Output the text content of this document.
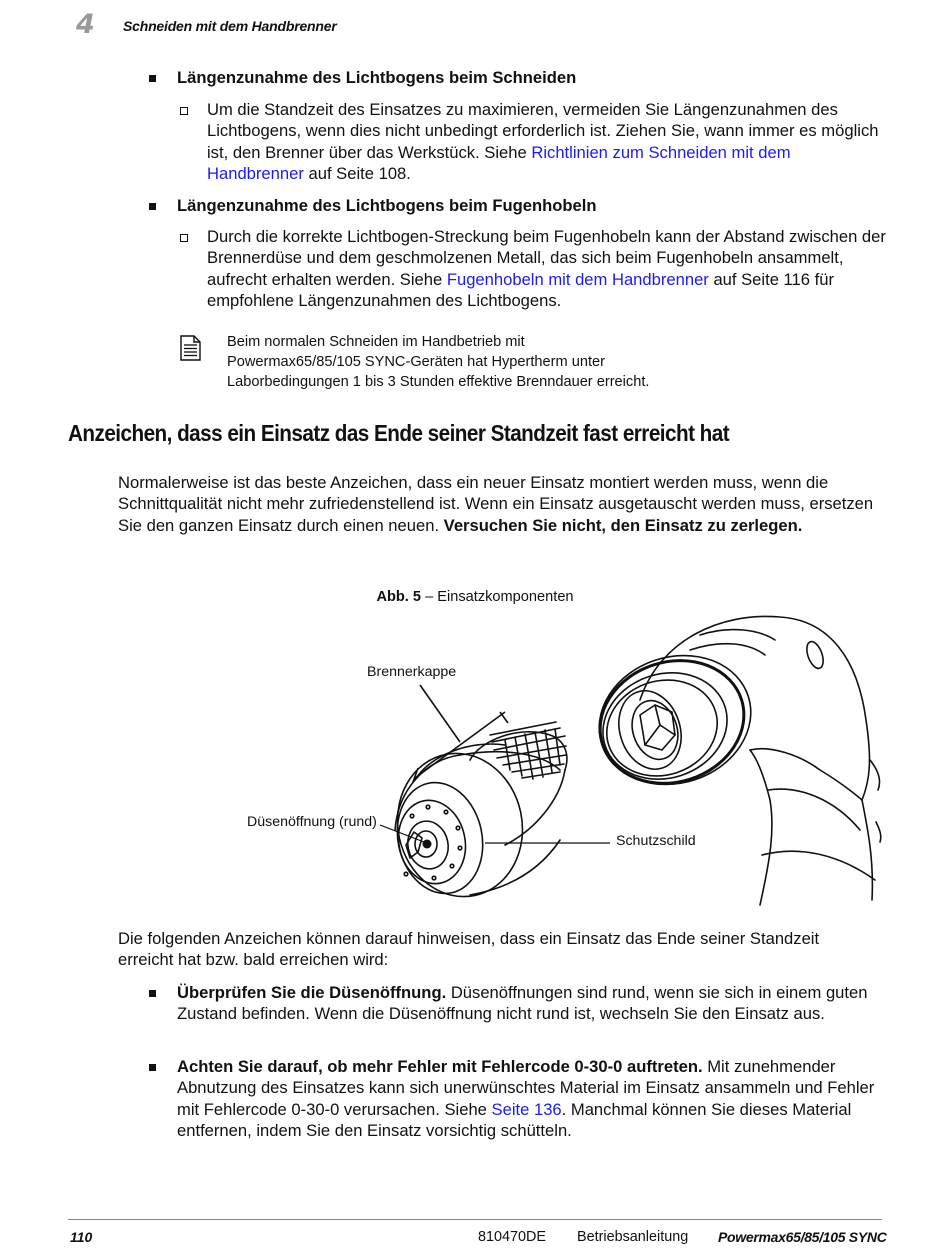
4 Schneiden mit dem Handbrenner
Längenzunahme des Lichtbogens beim Schneiden
Um die Standzeit des Einsatzes zu maximieren, vermeiden Sie Längenzunahmen des Lichtbogens, wenn dies nicht unbedingt erforderlich ist. Ziehen Sie, wann immer es möglich ist, den Brenner über das Werkstück. Siehe Richtlinien zum Schneiden mit dem Handbrenner auf Seite 108.
Längenzunahme des Lichtbogens beim Fugenhobeln
Durch die korrekte Lichtbogen-Streckung beim Fugenhobeln kann der Abstand zwischen der Brennerdüse und dem geschmolzenen Metall, das sich beim Fugenhobeln ansammelt, aufrecht erhalten werden. Siehe Fugenhobeln mit dem Handbrenner auf Seite 116 für empfohlene Längenzunahmen des Lichtbogens.
Beim normalen Schneiden im Handbetrieb mit
Powermax65/85/105 SYNC-Geräten hat Hypertherm unter
Laborbedingungen 1 bis 3 Stunden effektive Brenndauer erreicht.
Anzeichen, dass ein Einsatz das Ende seiner Standzeit fast erreicht hat
Normalerweise ist das beste Anzeichen, dass ein neuer Einsatz montiert werden muss, wenn die Schnittqualität nicht mehr zufriedenstellend ist. Wenn ein Einsatz ausgetauscht werden muss, ersetzen Sie den ganzen Einsatz durch einen neuen. Versuchen Sie nicht, den Einsatz zu zerlegen.
Abb. 5 – Einsatzkomponenten
Brennerkappe
Düsenöffnung (rund)
Schutzschild
Die folgenden Anzeichen können darauf hinweisen, dass ein Einsatz das Ende seiner Standzeit erreicht hat bzw. bald erreichen wird:
Überprüfen Sie die Düsenöffnung. Düsenöffnungen sind rund, wenn sie sich in einem guten Zustand befinden. Wenn die Düsenöffnung nicht rund ist, wechseln Sie den Einsatz aus.
Achten Sie darauf, ob mehr Fehler mit Fehlercode 0-30-0 auftreten. Mit zunehmender Abnutzung des Einsatzes kann sich unerwünschtes Material im Einsatz ansammeln und Fehler mit Fehlercode 0-30-0 verursachen. Siehe Seite 136. Manchmal können Sie dieses Material entfernen, indem Sie den Einsatz vorsichtig schütteln.
110	810470DE Betriebsanleitung Powermax65/85/105 SYNC
